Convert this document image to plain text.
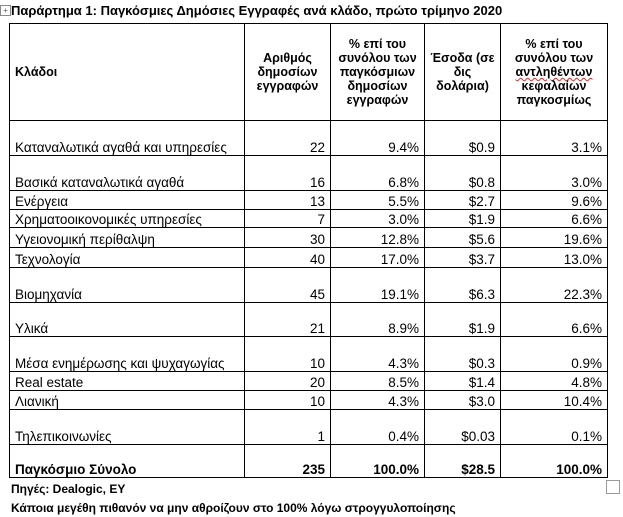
+ Παράρτημα 1: Παγκόσμιες Δημόσιες Εγγραφές ανά κλάδο, πρώτο τρίμηνο 2020
Κλάδοι	Αριθμός δημοσίων εγγραφών	% επί του συνόλου των παγκόσμιων δημοσίων εγγραφών	Έσοδα (σε δις δολάρια)	% επί του συνόλου των αντληθέντων κεφαλαίων παγκοσμίως
Καταναλωτικά αγαθά και υπηρεσίες	22	9.4%	$0.9	3.1%
Βασικά καταναλωτικά αγαθά	16	6.8%	$0.8	3.0%
Ενέργεια	13	5.5%	$2.7	9.6%
Χρηματοοικονομικές υπηρεσίες	7	3.0%	$1.9	6.6%
Υγειονομική περίθαλψη	30	12.8%	$5.6	19.6%
Τεχνολογία	40	17.0%	$3.7	13.0%
Βιομηχανία	45	19.1%	$6.3	22.3%
Υλικά	21	8.9%	$1.9	6.6%
Μέσα ενημέρωσης και ψυχαγωγίας	10	4.3%	$0.3	0.9%
Real estate	20	8.5%	$1.4	4.8%
Λιανική	10	4.3%	$3.0	10.4%
Τηλεπικοινωνίες	1	0.4%	$0.03	0.1%
Παγκόσμιο Σύνολο	235	100.0%	$28.5	100.0%
Πηγές: Dealogic, EY
Κάποια μεγέθη πιθανόν να μην αθροίζουν στο 100% λόγω στρογγυλοποίησης
